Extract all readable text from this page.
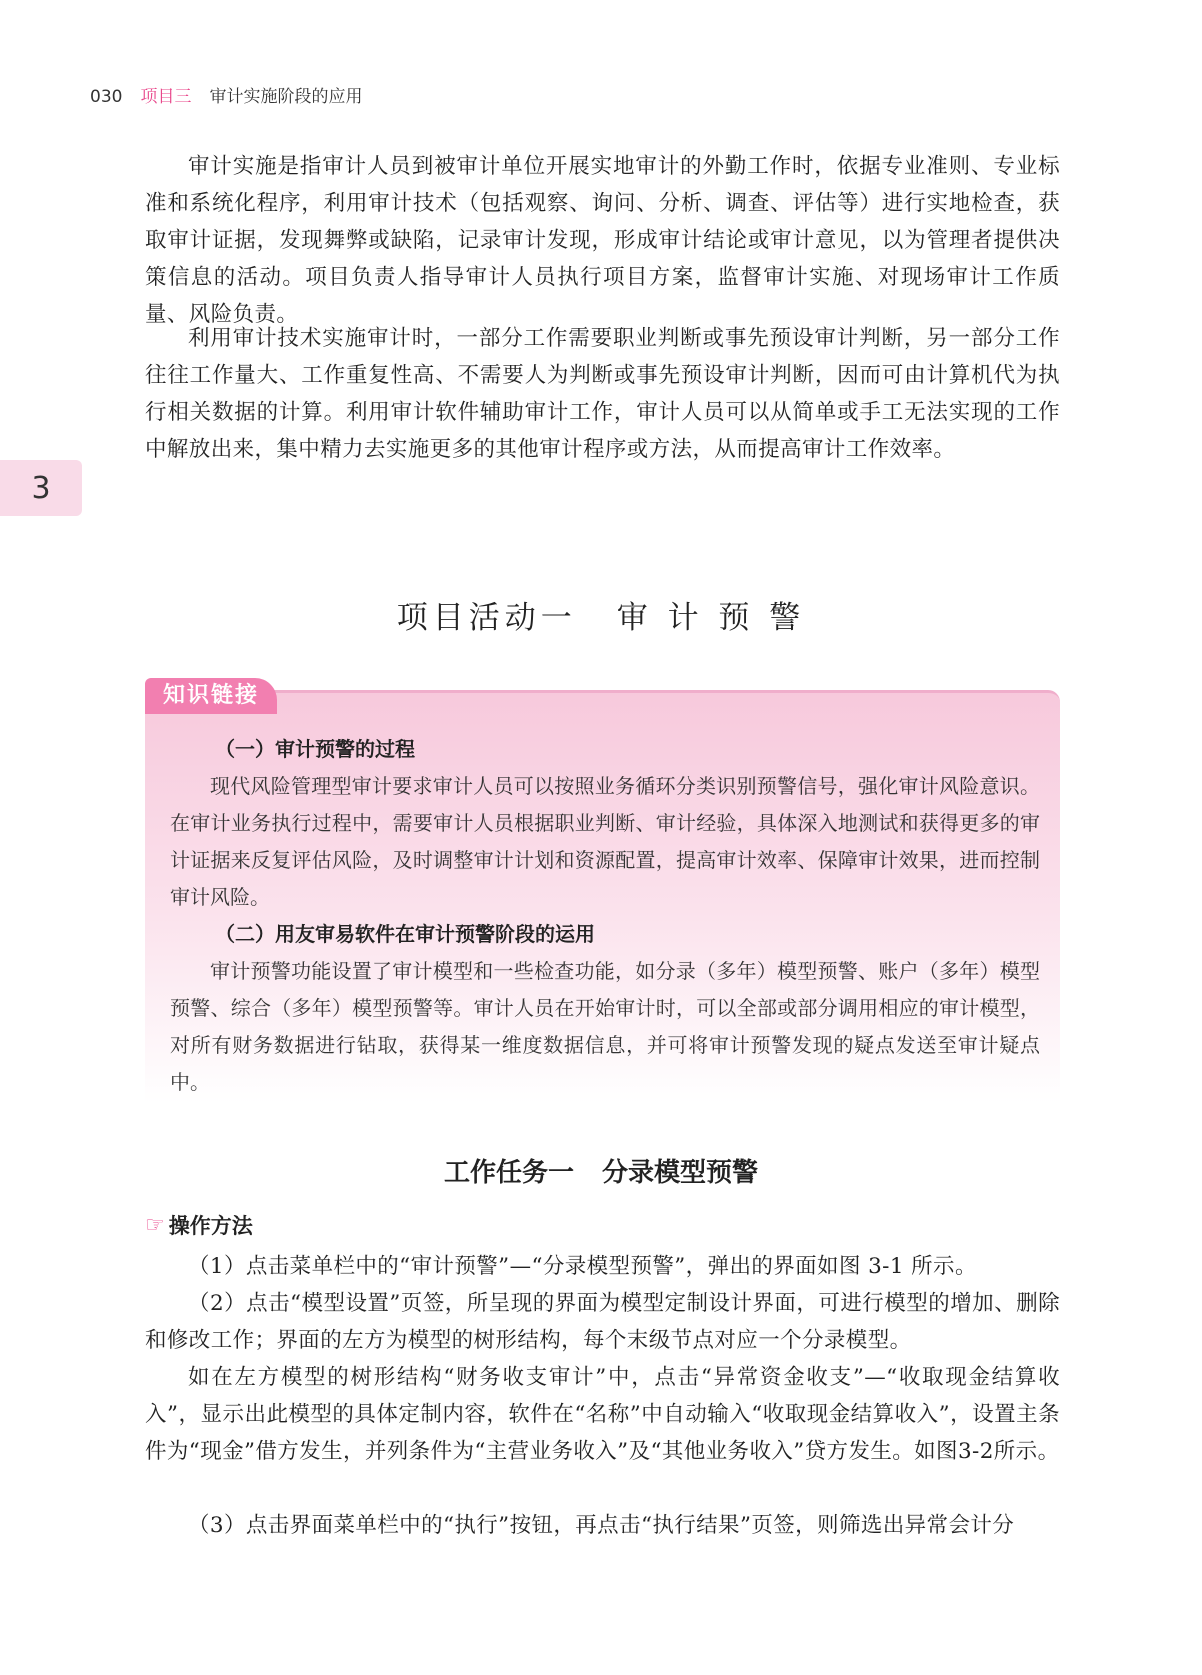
030 项目三 审计实施阶段的应用
3

审计实施是指审计人员到被审计单位开展实地审计的外勤工作时，依据专业准则、专业标准和系统化程序，利用审计技术（包括观察、询问、分析、调查、评估等）进行实地检查，获取审计证据，发现舞弊或缺陷，记录审计发现，形成审计结论或审计意见，以为管理者提供决策信息的活动。项目负责人指导审计人员执行项目方案，监督审计实施、对现场审计工作质量、风险负责。

利用审计技术实施审计时，一部分工作需要职业判断或事先预设审计判断，另一部分工作往往工作量大、工作重复性高、不需要人为判断或事先预设审计判断，因而可由计算机代为执行相关数据的计算。利用审计软件辅助审计工作，审计人员可以从简单或手工无法实现的工作中解放出来，集中精力去实施更多的其他审计程序或方法，从而提高审计工作效率。

项目活动一 审 计 预 警
知识链接
（一）审计预警的过程

现代风险管理型审计要求审计人员可以按照业务循环分类识别预警信号，强化审计风险意识。在审计业务执行过程中，需要审计人员根据职业判断、审计经验，具体深入地测试和获得更多的审计证据来反复评估风险，及时调整审计计划和资源配置，提高审计效率、保障审计效果，进而控制审计风险。

（二）用友审易软件在审计预警阶段的运用

审计预警功能设置了审计模型和一些检查功能，如分录（多年）模型预警、账户（多年）模型预警、综合（多年）模型预警等。审计人员在开始审计时，可以全部或部分调用相应的审计模型，对所有财务数据进行钻取，获得某一维度数据信息，并可将审计预警发现的疑点发送至审计疑点中。

工作任务一 分录模型预警
☞ 操作方法

（1）点击菜单栏中的“审计预警”—“分录模型预警”，弹出的界面如图 3-1 所示。

（2）点击“模型设置”页签，所呈现的界面为模型定制设计界面，可进行模型的增加、删除和修改工作；界面的左方为模型的树形结构，每个末级节点对应一个分录模型。

如在左方模型的树形结构“财务收支审计”中，点击“异常资金收支”—“收取现金结算收入”，显示出此模型的具体定制内容，软件在“名称”中自动输入“收取现金结算收入”，设置主条件为“现金”借方发生，并列条件为“主营业务收入”及“其他业务收入”贷方发生。如图3-2所示。

（3）点击界面菜单栏中的“执行”按钮，再点击“执行结果”页签，则筛选出异常会计分
